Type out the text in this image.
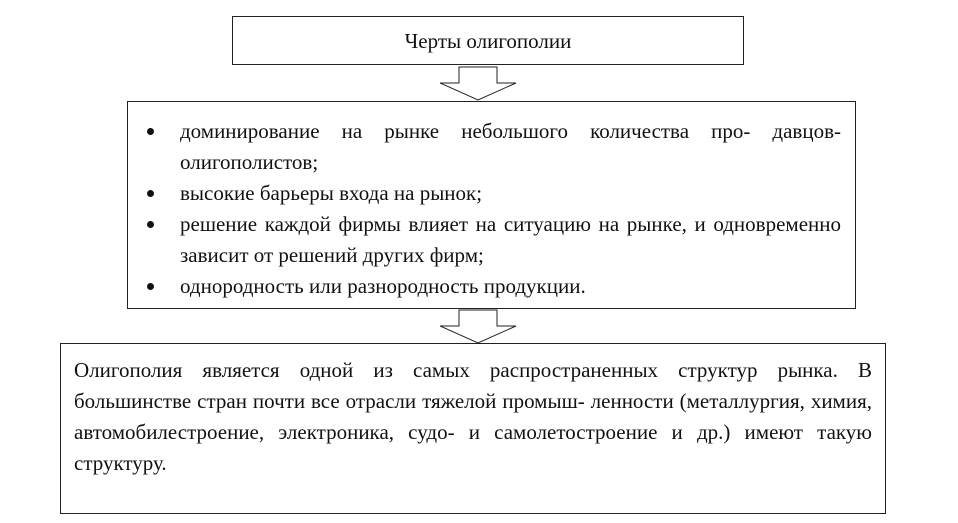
Черты олигополии
доминирование на рынке небольшого количества про- давцов-олигополистов;
высокие барьеры входа на рынок;
решение каждой фирмы влияет на ситуацию на рынке, и одновременно зависит от решений других фирм;
однородность или разнородность продукции.
Олигополия является одной из самых распространенных структур рынка. В большинстве стран почти все отрасли тяжелой промыш- ленности (металлургия, химия, автомобилестроение, электроника, судо- и самолетостроение и др.) имеют такую структуру.
